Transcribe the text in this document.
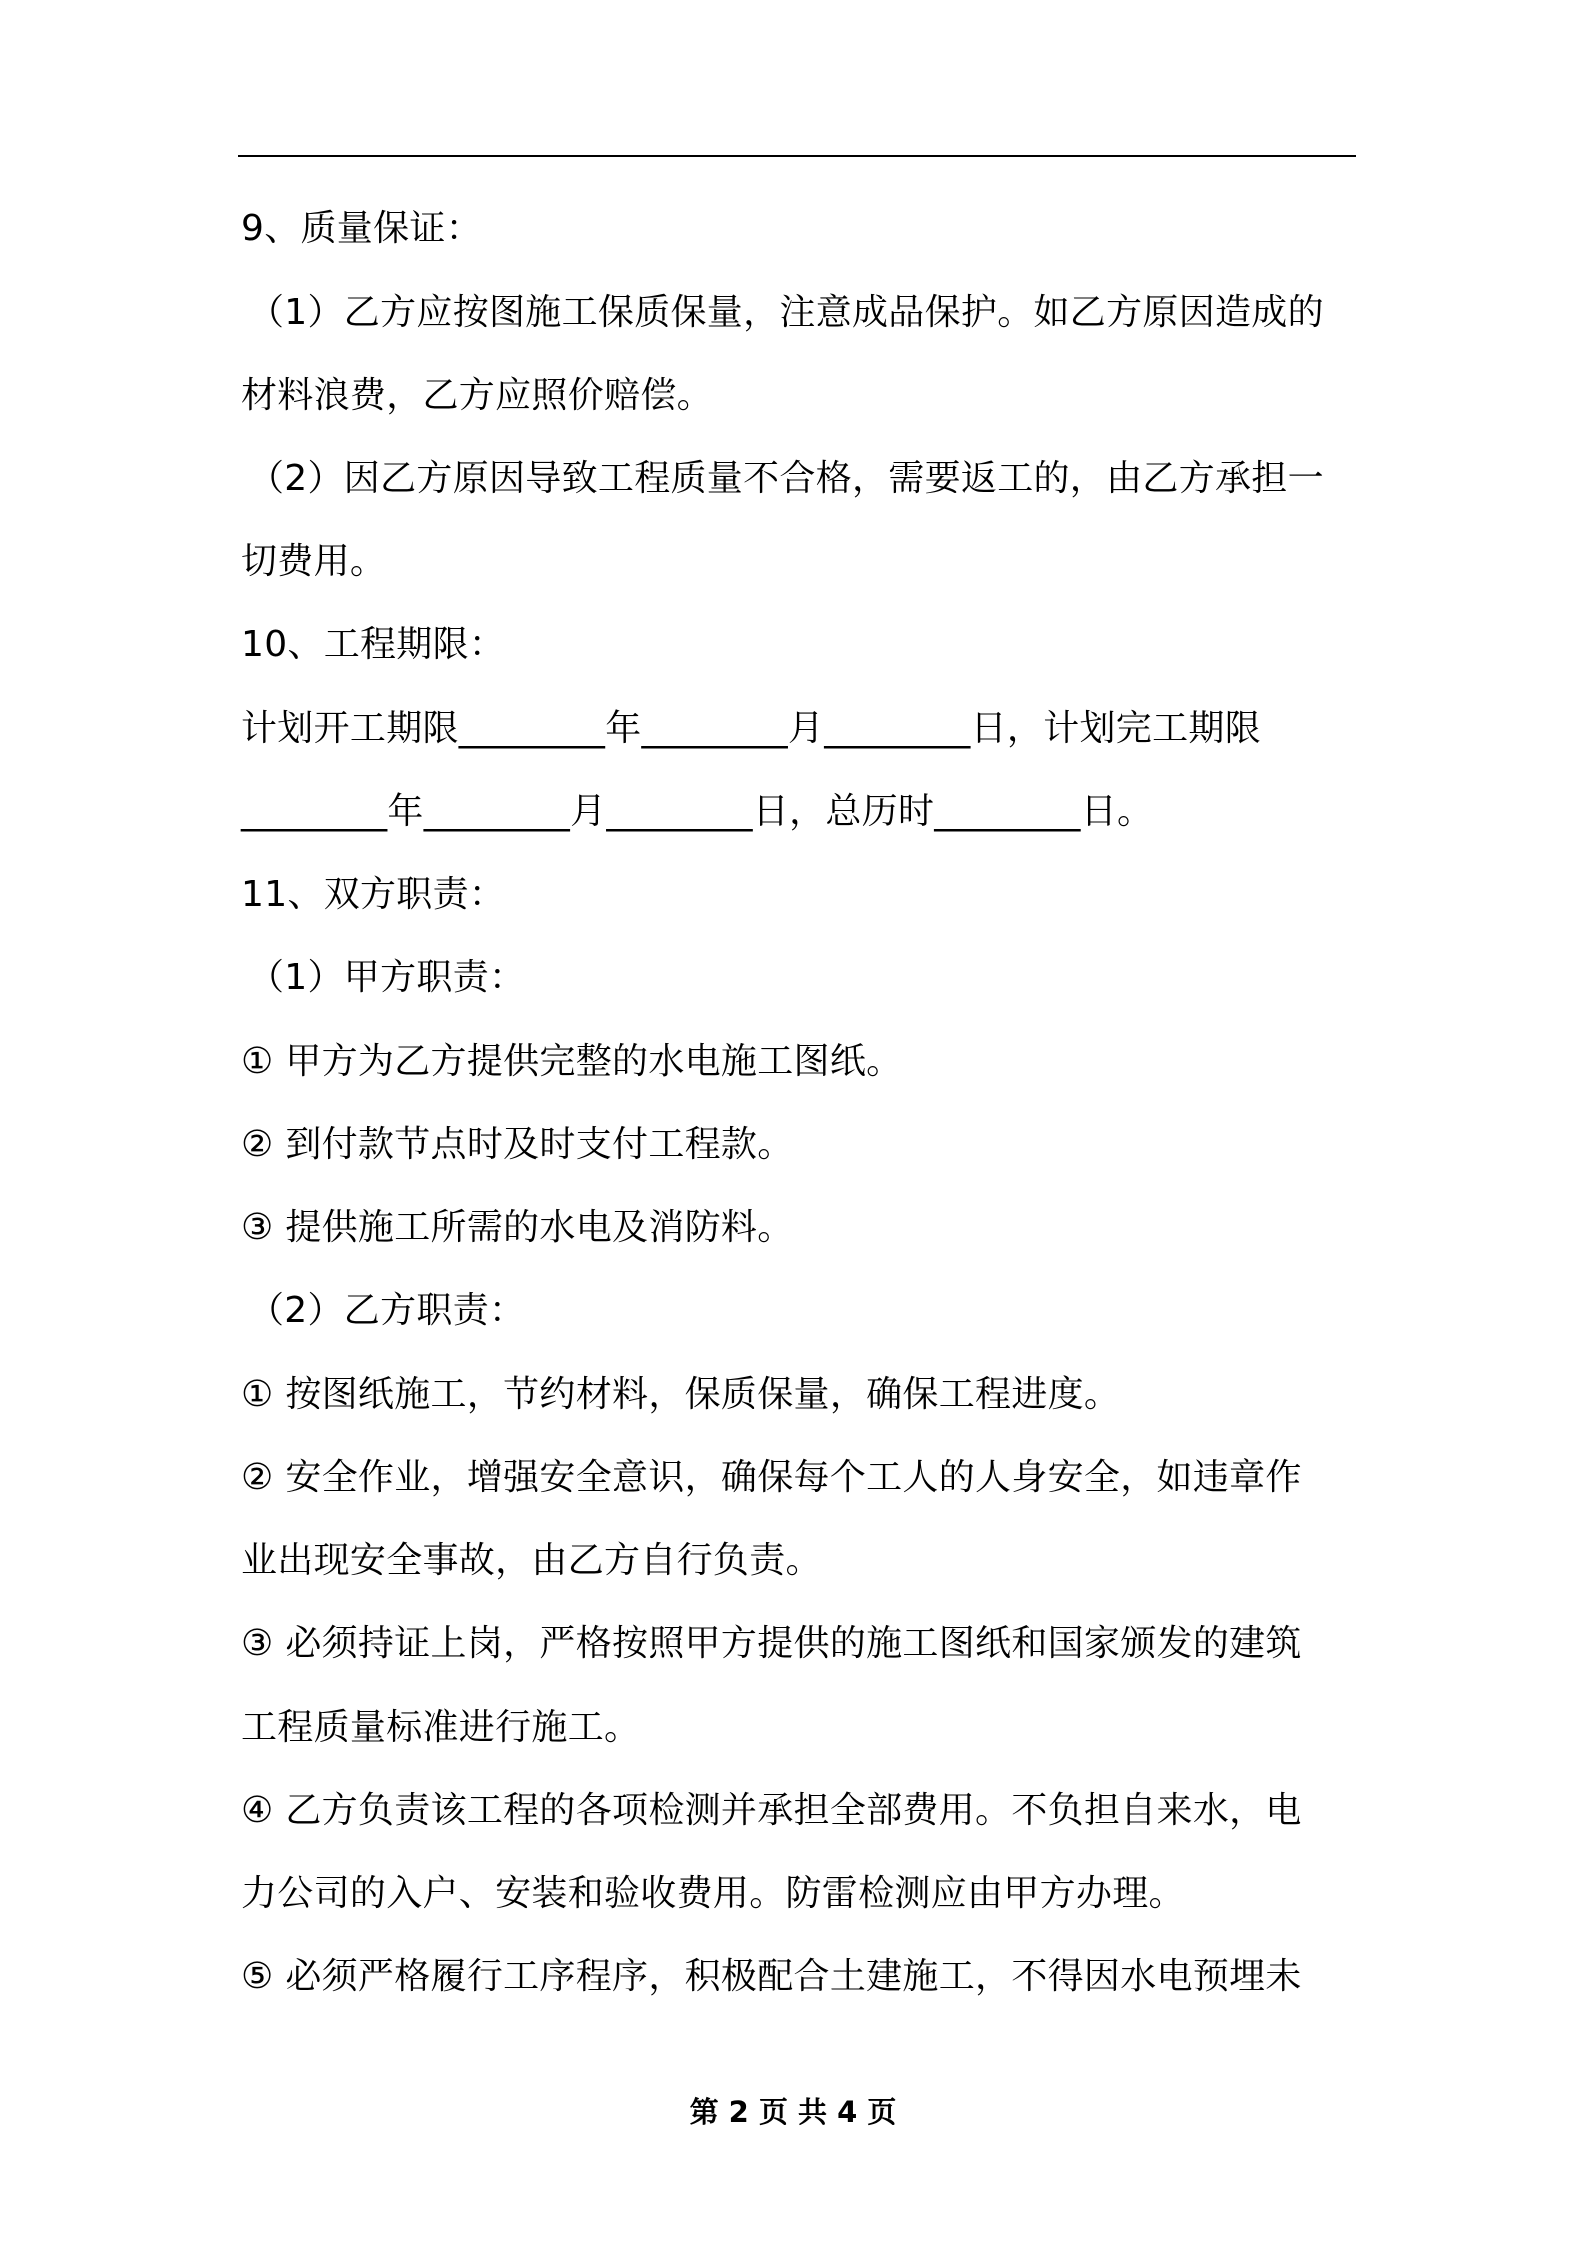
9、质量保证：
（1）乙方应按图施工保质保量，注意成品保护。如乙方原因造成的
材料浪费，乙方应照价赔偿。
（2）因乙方原因导致工程质量不合格，需要返工的，由乙方承担一
切费用。
10、工程期限：
计划开工期限________年________月________日，计划完工期限
________年________月________日，总历时________日。
11、双方职责：
（1）甲方职责：
① 甲方为乙方提供完整的水电施工图纸。
② 到付款节点时及时支付工程款。
③ 提供施工所需的水电及消防料。
（2）乙方职责：
① 按图纸施工，节约材料，保质保量，确保工程进度。
② 安全作业，增强安全意识，确保每个工人的人身安全，如违章作
业出现安全事故，由乙方自行负责。
③ 必须持证上岗，严格按照甲方提供的施工图纸和国家颁发的建筑
工程质量标准进行施工。
④ 乙方负责该工程的各项检测并承担全部费用。不负担自来水，电
力公司的入户、安装和验收费用。防雷检测应由甲方办理。
⑤ 必须严格履行工序程序，积极配合土建施工，不得因水电预埋未
第 2 页 共 4 页
